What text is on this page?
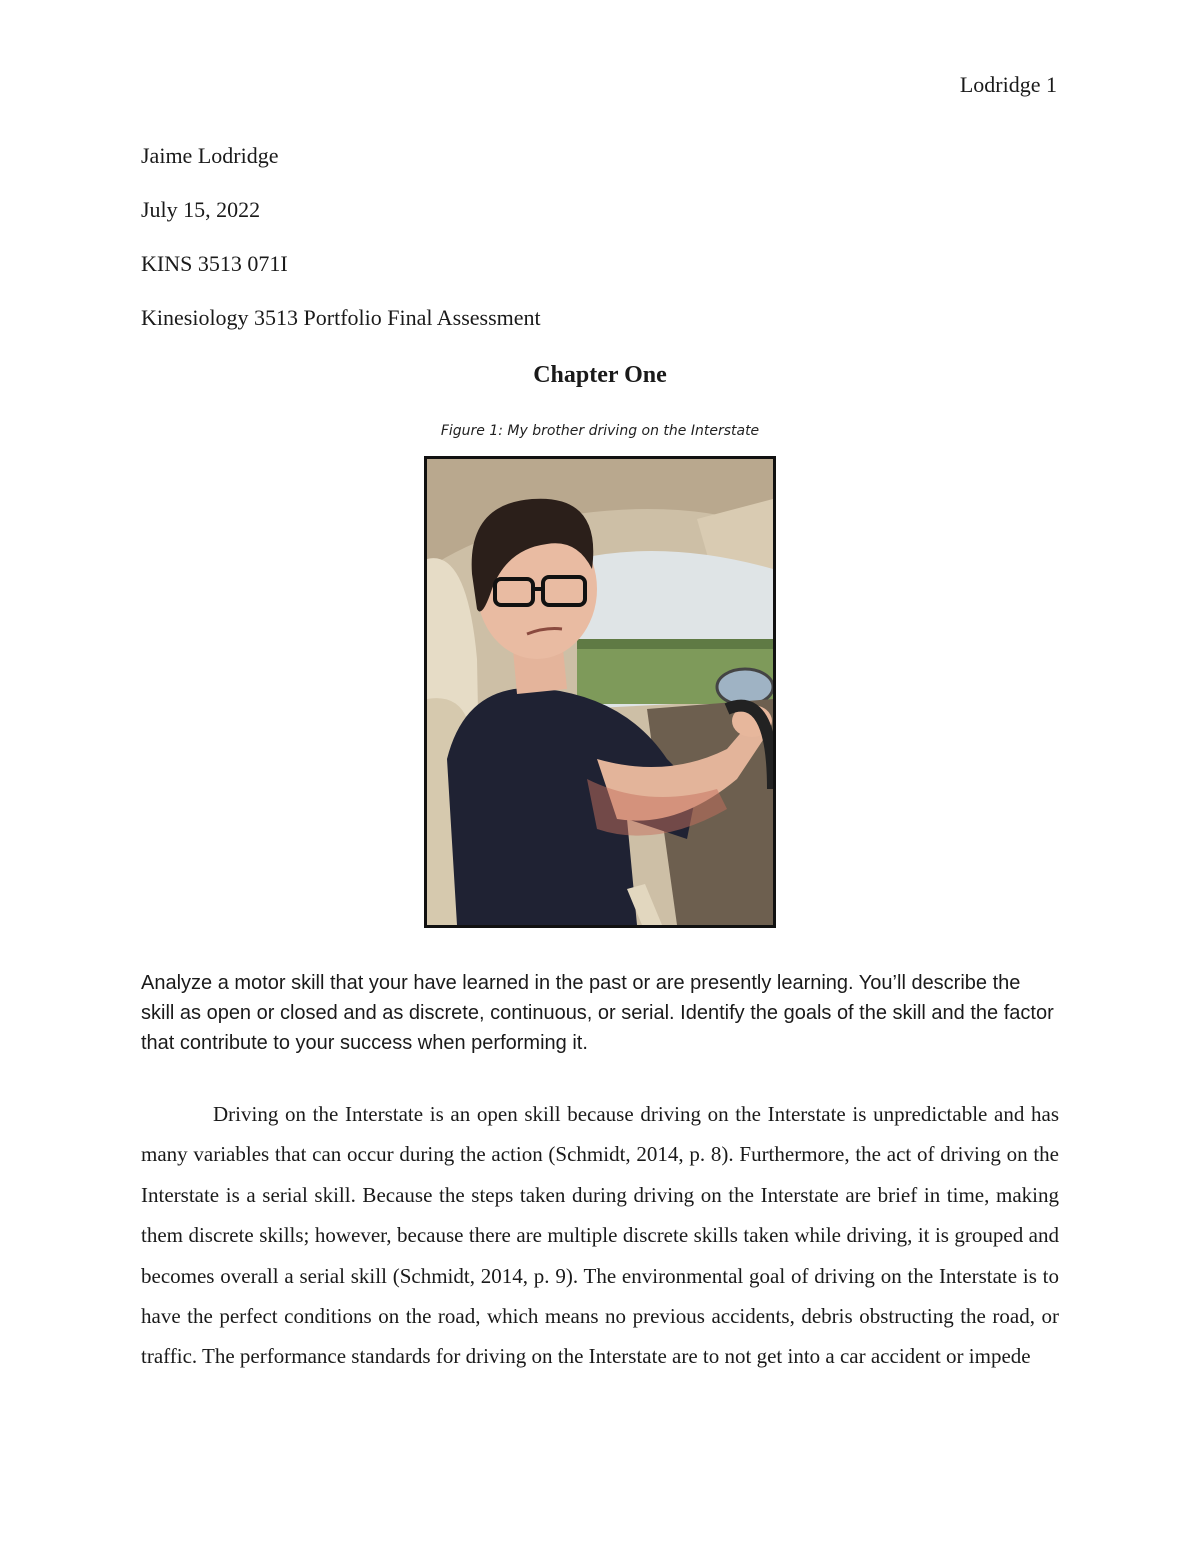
Lodridge 1
Jaime Lodridge
July 15, 2022
KINS 3513 071I
Kinesiology 3513 Portfolio Final Assessment
Chapter One
Figure 1: My brother driving on the Interstate
Analyze a motor skill that your have learned in the past or are presently learning. You’ll describe the skill as open or closed and as discrete, continuous, or serial. Identify the goals of the skill and the factor that contribute to your success when performing it.
Driving on the Interstate is an open skill because driving on the Interstate is unpredictable and has many variables that can occur during the action (Schmidt, 2014, p. 8). Furthermore, the act of driving on the Interstate is a serial skill. Because the steps taken during driving on the Interstate are brief in time, making them discrete skills; however, because there are multiple discrete skills taken while driving, it is grouped and becomes overall a serial skill (Schmidt, 2014, p. 9). The environmental goal of driving on the Interstate is to have the perfect conditions on the road, which means no previous accidents, debris obstructing the road, or traffic. The performance standards for driving on the Interstate are to not get into a car accident or impede
